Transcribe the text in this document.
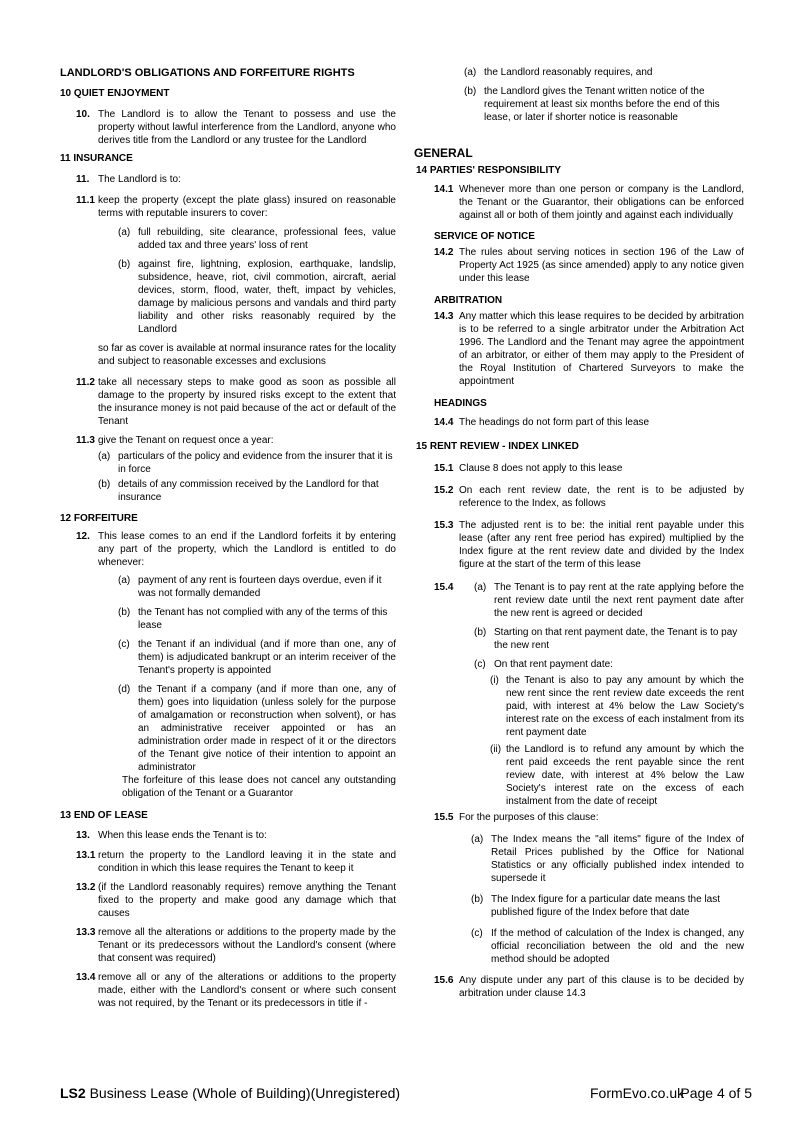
LANDLORD'S OBLIGATIONS AND FORFEITURE RIGHTS
10 QUIET ENJOYMENT
10. The Landlord is to allow the Tenant to possess and use the property without lawful interference from the Landlord, anyone who derives title from the Landlord or any trustee for the Landlord
11 INSURANCE
11. The Landlord is to:
11.1 keep the property (except the plate glass) insured on reasonable terms with reputable insurers to cover:
(a) full rebuilding, site clearance, professional fees, value added tax and three years' loss of rent
(b) against fire, lightning, explosion, earthquake, landslip, subsidence, heave, riot, civil commotion, aircraft, aerial devices, storm, flood, water, theft, impact by vehicles, damage by malicious persons and vandals and third party liability and other risks reasonably required by the Landlord
so far as cover is available at normal insurance rates for the locality and subject to reasonable excesses and exclusions
11.2 take all necessary steps to make good as soon as possible all damage to the property by insured risks except to the extent that the insurance money is not paid because of the act or default of the Tenant
11.3 give the Tenant on request once a year:
(a) particulars of the policy and evidence from the insurer that it is in force
(b) details of any commission received by the Landlord for that insurance
12 FORFEITURE
12. This lease comes to an end if the Landlord forfeits it by entering any part of the property, which the Landlord is entitled to do whenever:
(a) payment of any rent is fourteen days overdue, even if it was not formally demanded
(b) the Tenant has not complied with any of the terms of this lease
(c) the Tenant if an individual (and if more than one, any of them) is adjudicated bankrupt or an interim receiver of the Tenant's property is appointed
(d) the Tenant if a company (and if more than one, any of them) goes into liquidation (unless solely for the purpose of amalgamation or reconstruction when solvent), or has an administrative receiver appointed or has an administration order made in respect of it or the directors of the Tenant give notice of their intention to appoint an administrator
The forfeiture of this lease does not cancel any outstanding obligation of the Tenant or a Guarantor
13 END OF LEASE
13. When this lease ends the Tenant is to:
13.1 return the property to the Landlord leaving it in the state and condition in which this lease requires the Tenant to keep it
13.2 (if the Landlord reasonably requires) remove anything the Tenant fixed to the property and make good any damage which that causes
13.3 remove all the alterations or additions to the property made by the Tenant or its predecessors without the Landlord's consent (where that consent was required)
13.4 remove all or any of the alterations or additions to the property made, either with the Landlord's consent or where such consent was not required, by the Tenant or its predecessors in title if -
(a) the Landlord reasonably requires, and
(b) the Landlord gives the Tenant written notice of the requirement at least six months before the end of this lease, or later if shorter notice is reasonable
GENERAL
14 PARTIES' RESPONSIBILITY
14.1 Whenever more than one person or company is the Landlord, the Tenant or the Guarantor, their obligations can be enforced against all or both of them jointly and against each individually
SERVICE OF NOTICE
14.2 The rules about serving notices in section 196 of the Law of Property Act 1925 (as since amended) apply to any notice given under this lease
ARBITRATION
14.3 Any matter which this lease requires to be decided by arbitration is to be referred to a single arbitrator under the Arbitration Act 1996. The Landlord and the Tenant may agree the appointment of an arbitrator, or either of them may apply to the President of the Royal Institution of Chartered Surveyors to make the appointment
HEADINGS
14.4 The headings do not form part of this lease
15 RENT REVIEW - INDEX LINKED
15.1 Clause 8 does not apply to this lease
15.2 On each rent review date, the rent is to be adjusted by reference to the Index, as follows
15.3 The adjusted rent is to be: the initial rent payable under this lease (after any rent free period has expired) multiplied by the Index figure at the rent review date and divided by the Index figure at the start of the term of this lease
15.4	(a) The Tenant is to pay rent at the rate applying before the rent review date until the next rent payment date after the new rent is agreed or decided
(b) Starting on that rent payment date, the Tenant is to pay the new rent
(c) On that rent payment date:
(i) the Tenant is also to pay any amount by which the new rent since the rent review date exceeds the rent paid, with interest at 4% below the Law Society's interest rate on the excess of each instalment from its rent payment date
(ii) the Landlord is to refund any amount by which the rent paid exceeds the rent payable since the rent review date, with interest at 4% below the Law Society's interest rate on the excess of each instalment from the date of receipt
15.5 For the purposes of this clause:
(a) The Index means the "all items" figure of the Index of Retail Prices published by the Office for National Statistics or any officially published index intended to supersede it
(b) The Index figure for a particular date means the last published figure of the Index before that date
(c) If the method of calculation of the Index is changed, any official reconciliation between the old and the new method should be adopted
15.6 Any dispute under any part of this clause is to be decided by arbitration under clause 14.3
LS2 Business Lease (Whole of Building)(Unregistered)	FormEvo.co.uk
Page 4 of 5
